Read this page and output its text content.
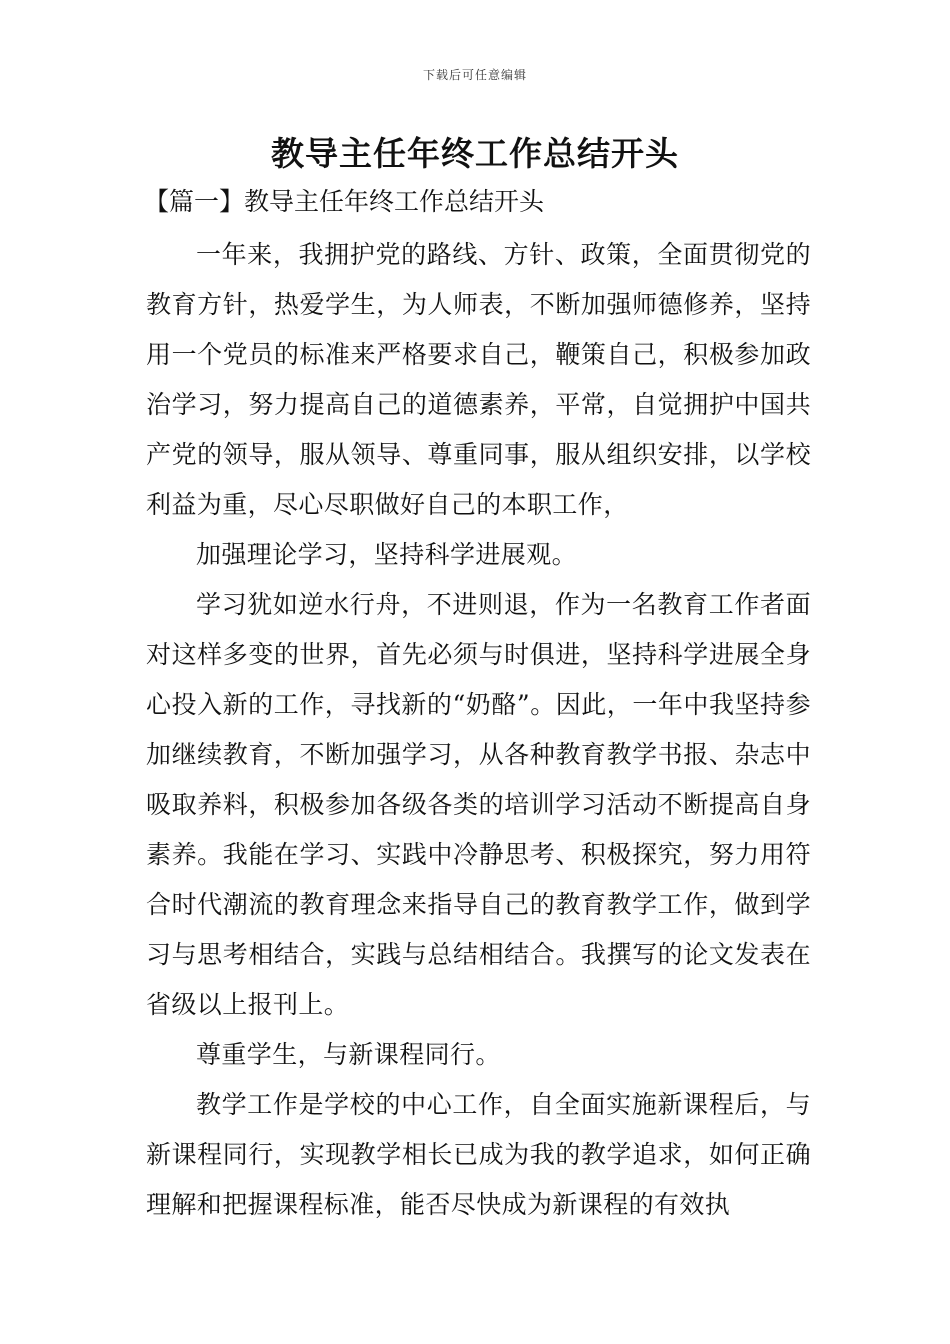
下载后可任意编辑
教导主任年终工作总结开头
【篇一】教导主任年终工作总结开头

一年来，我拥护党的路线、方针、政策，全面贯彻党的教育方针，热爱学生，为人师表，不断加强师德修养，坚持用一个党员的标准来严格要求自己，鞭策自己，积极参加政治学习，努力提高自己的道德素养，平常，自觉拥护中国共产党的领导，服从领导、尊重同事，服从组织安排，以学校利益为重，尽心尽职做好自己的本职工作，

加强理论学习，坚持科学进展观。

学习犹如逆水行舟，不进则退，作为一名教育工作者面对这样多变的世界，首先必须与时俱进，坚持科学进展全身心投入新的工作，寻找新的“奶酪”。因此，一年中我坚持参加继续教育，不断加强学习，从各种教育教学书报、杂志中吸取养料，积极参加各级各类的培训学习活动不断提高自身素养。我能在学习、实践中冷静思考、积极探究，努力用符合时代潮流的教育理念来指导自己的教育教学工作，做到学习与思考相结合，实践与总结相结合。我撰写的论文发表在省级以上报刊上。

尊重学生，与新课程同行。

教学工作是学校的中心工作，自全面实施新课程后，与新课程同行，实现教学相长已成为我的教学追求，如何正确理解和把握课程标准，能否尽快成为新课程的有效执
